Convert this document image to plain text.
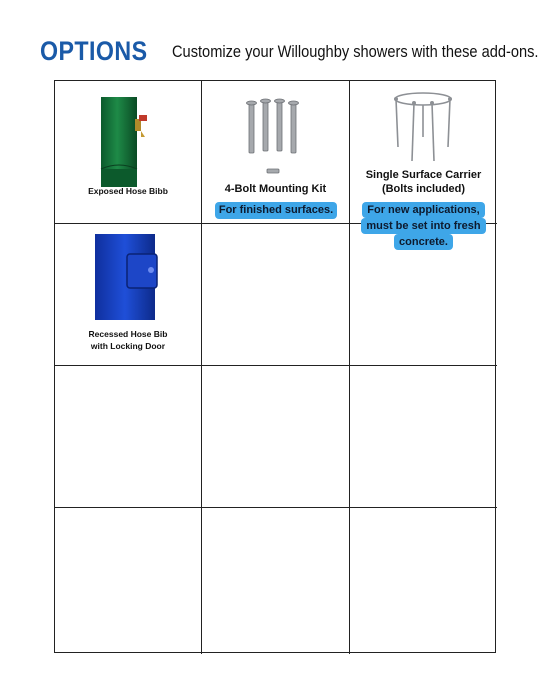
OPTIONS Customize your Willoughby showers with these add-ons.
Exposed Hose Bibb	4-Bolt Mounting Kit
For finished surfaces.
Single Surface Carrier
(Bolts included)
For new applications,
must be set into fresh
concrete.
Recessed Hose Bib
with Locking Door
